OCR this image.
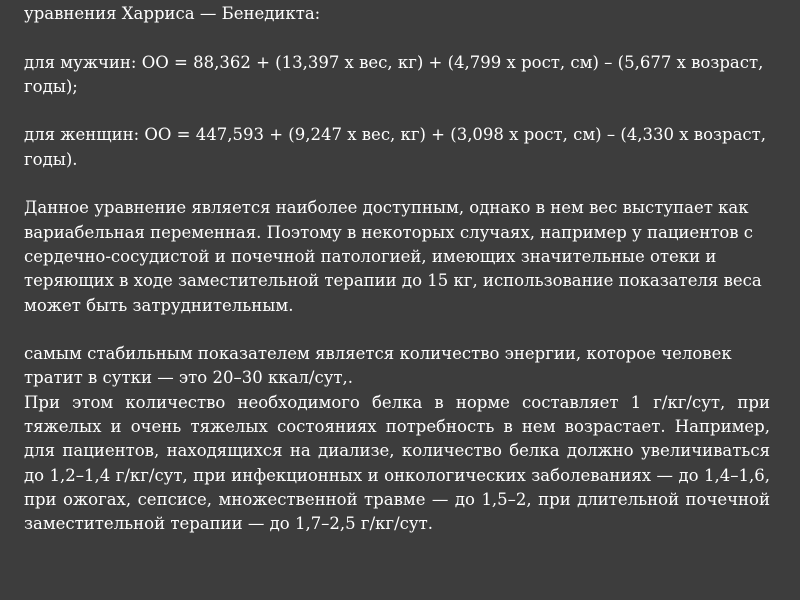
уравнения Харриса — Бенедикта:

для мужчин: ОО = 88,362 + (13,397 х вес, кг) + (4,799 х рост, см) – (5,677 х возраст, годы);

для женщин: ОО = 447,593 + (9,247 х вес, кг) + (3,098 х рост, см) – (4,330 х возраст, годы).

Данное уравнение является наиболее доступным, однако в нем вес выступает как вариабельная переменная. Поэтому в некоторых случаях, например у пациентов с сердечно-сосудистой и почечной патологией, имеющих значительные отеки и теряющих в ходе заместительной терапии до 15 кг, использование показателя веса может быть затруднительным.

самым стабильным показателем является количество энергии, которое человек тратит в сутки — это 20–30 ккал/сут,.

При этом количество необходимого белка в норме составляет 1 г/кг/сут, при тяжелых и очень тяжелых состояниях потребность в нем возрастает. Например, для пациентов, находящихся на диализе, количество белка должно увеличиваться до 1,2–1,4 г/кг/сут, при инфекционных и онкологических заболеваниях — до 1,4–1,6, при ожогах, сепсисе, множественной травме — до 1,5–2, при длительной почечной заместительной терапии — до 1,7–2,5 г/кг/сут.
